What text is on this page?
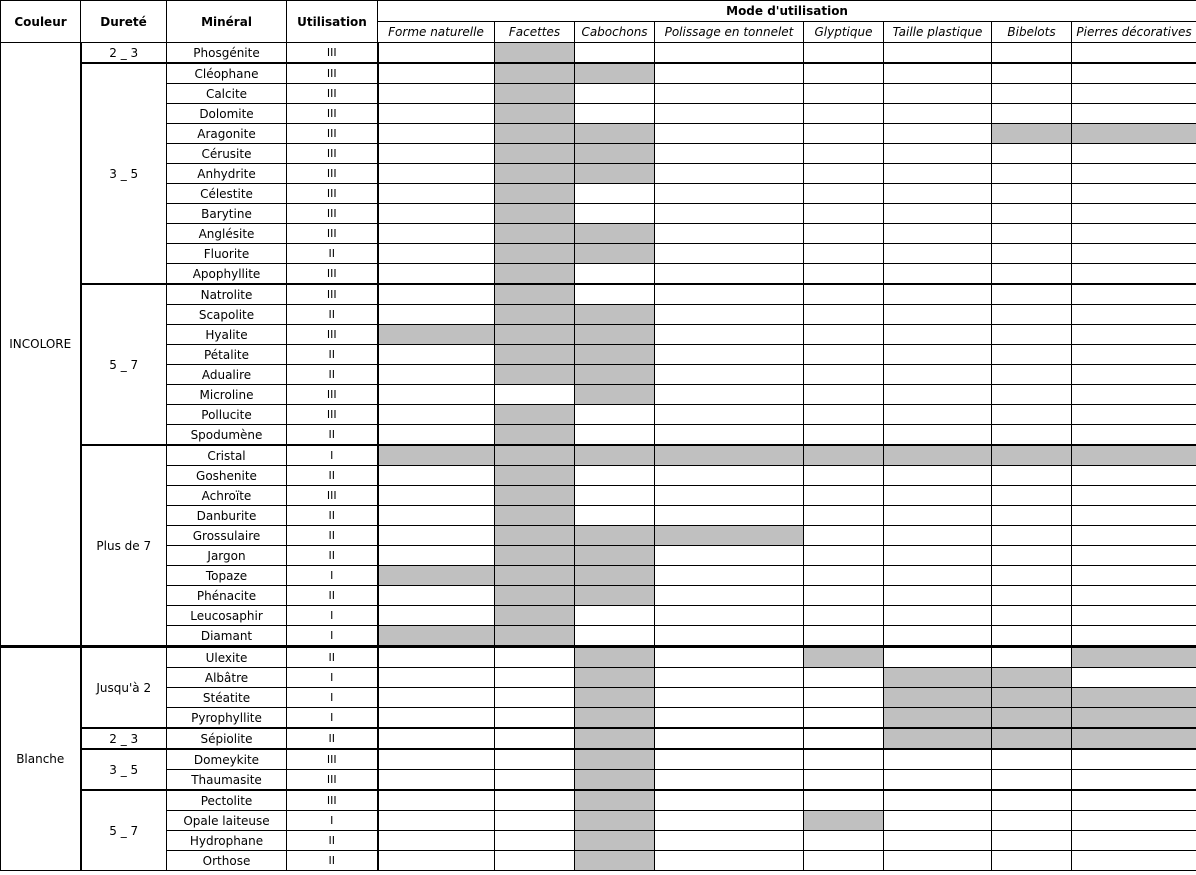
Couleur	Dureté	Minéral	Utilisation	Mode d'utilisation							
				Forme naturelle	Facettes	Cabochons	Polissage en tonnelet	Glyptique	Taille plastique	Bibelots	Pierres décoratives
INCOLORE	2 _ 3	Phosgénite	III								
	3 _ 5	Cléophane	III								
		Calcite	III								
		Dolomite	III								
		Aragonite	III								
		Cérusite	III								
		Anhydrite	III								
		Célestite	III								
		Barytine	III								
		Anglésite	III								
		Fluorite	II								
		Apophyllite	III								
	5 _ 7	Natrolite	III								
		Scapolite	II								
		Hyalite	III								
		Pétalite	II								
		Adualire	II								
		Microline	III								
		Pollucite	III								
		Spodumène	II								
	Plus de 7	Cristal	I								
		Goshenite	II								
		Achroïte	III								
		Danburite	II								
		Grossulaire	II								
		Jargon	II								
		Topaze	I								
		Phénacite	II								
		Leucosaphir	I								
		Diamant	I								
Blanche	Jusqu'à 2	Ulexite	II								
		Albâtre	I								
		Stéatite	I								
		Pyrophyllite	I								
	2 _ 3	Sépiolite	II								
	3 _ 5	Domeykite	III								
		Thaumasite	III								
	5 _ 7	Pectolite	III								
		Opale laiteuse	I								
		Hydrophane	II								
		Orthose	II								
